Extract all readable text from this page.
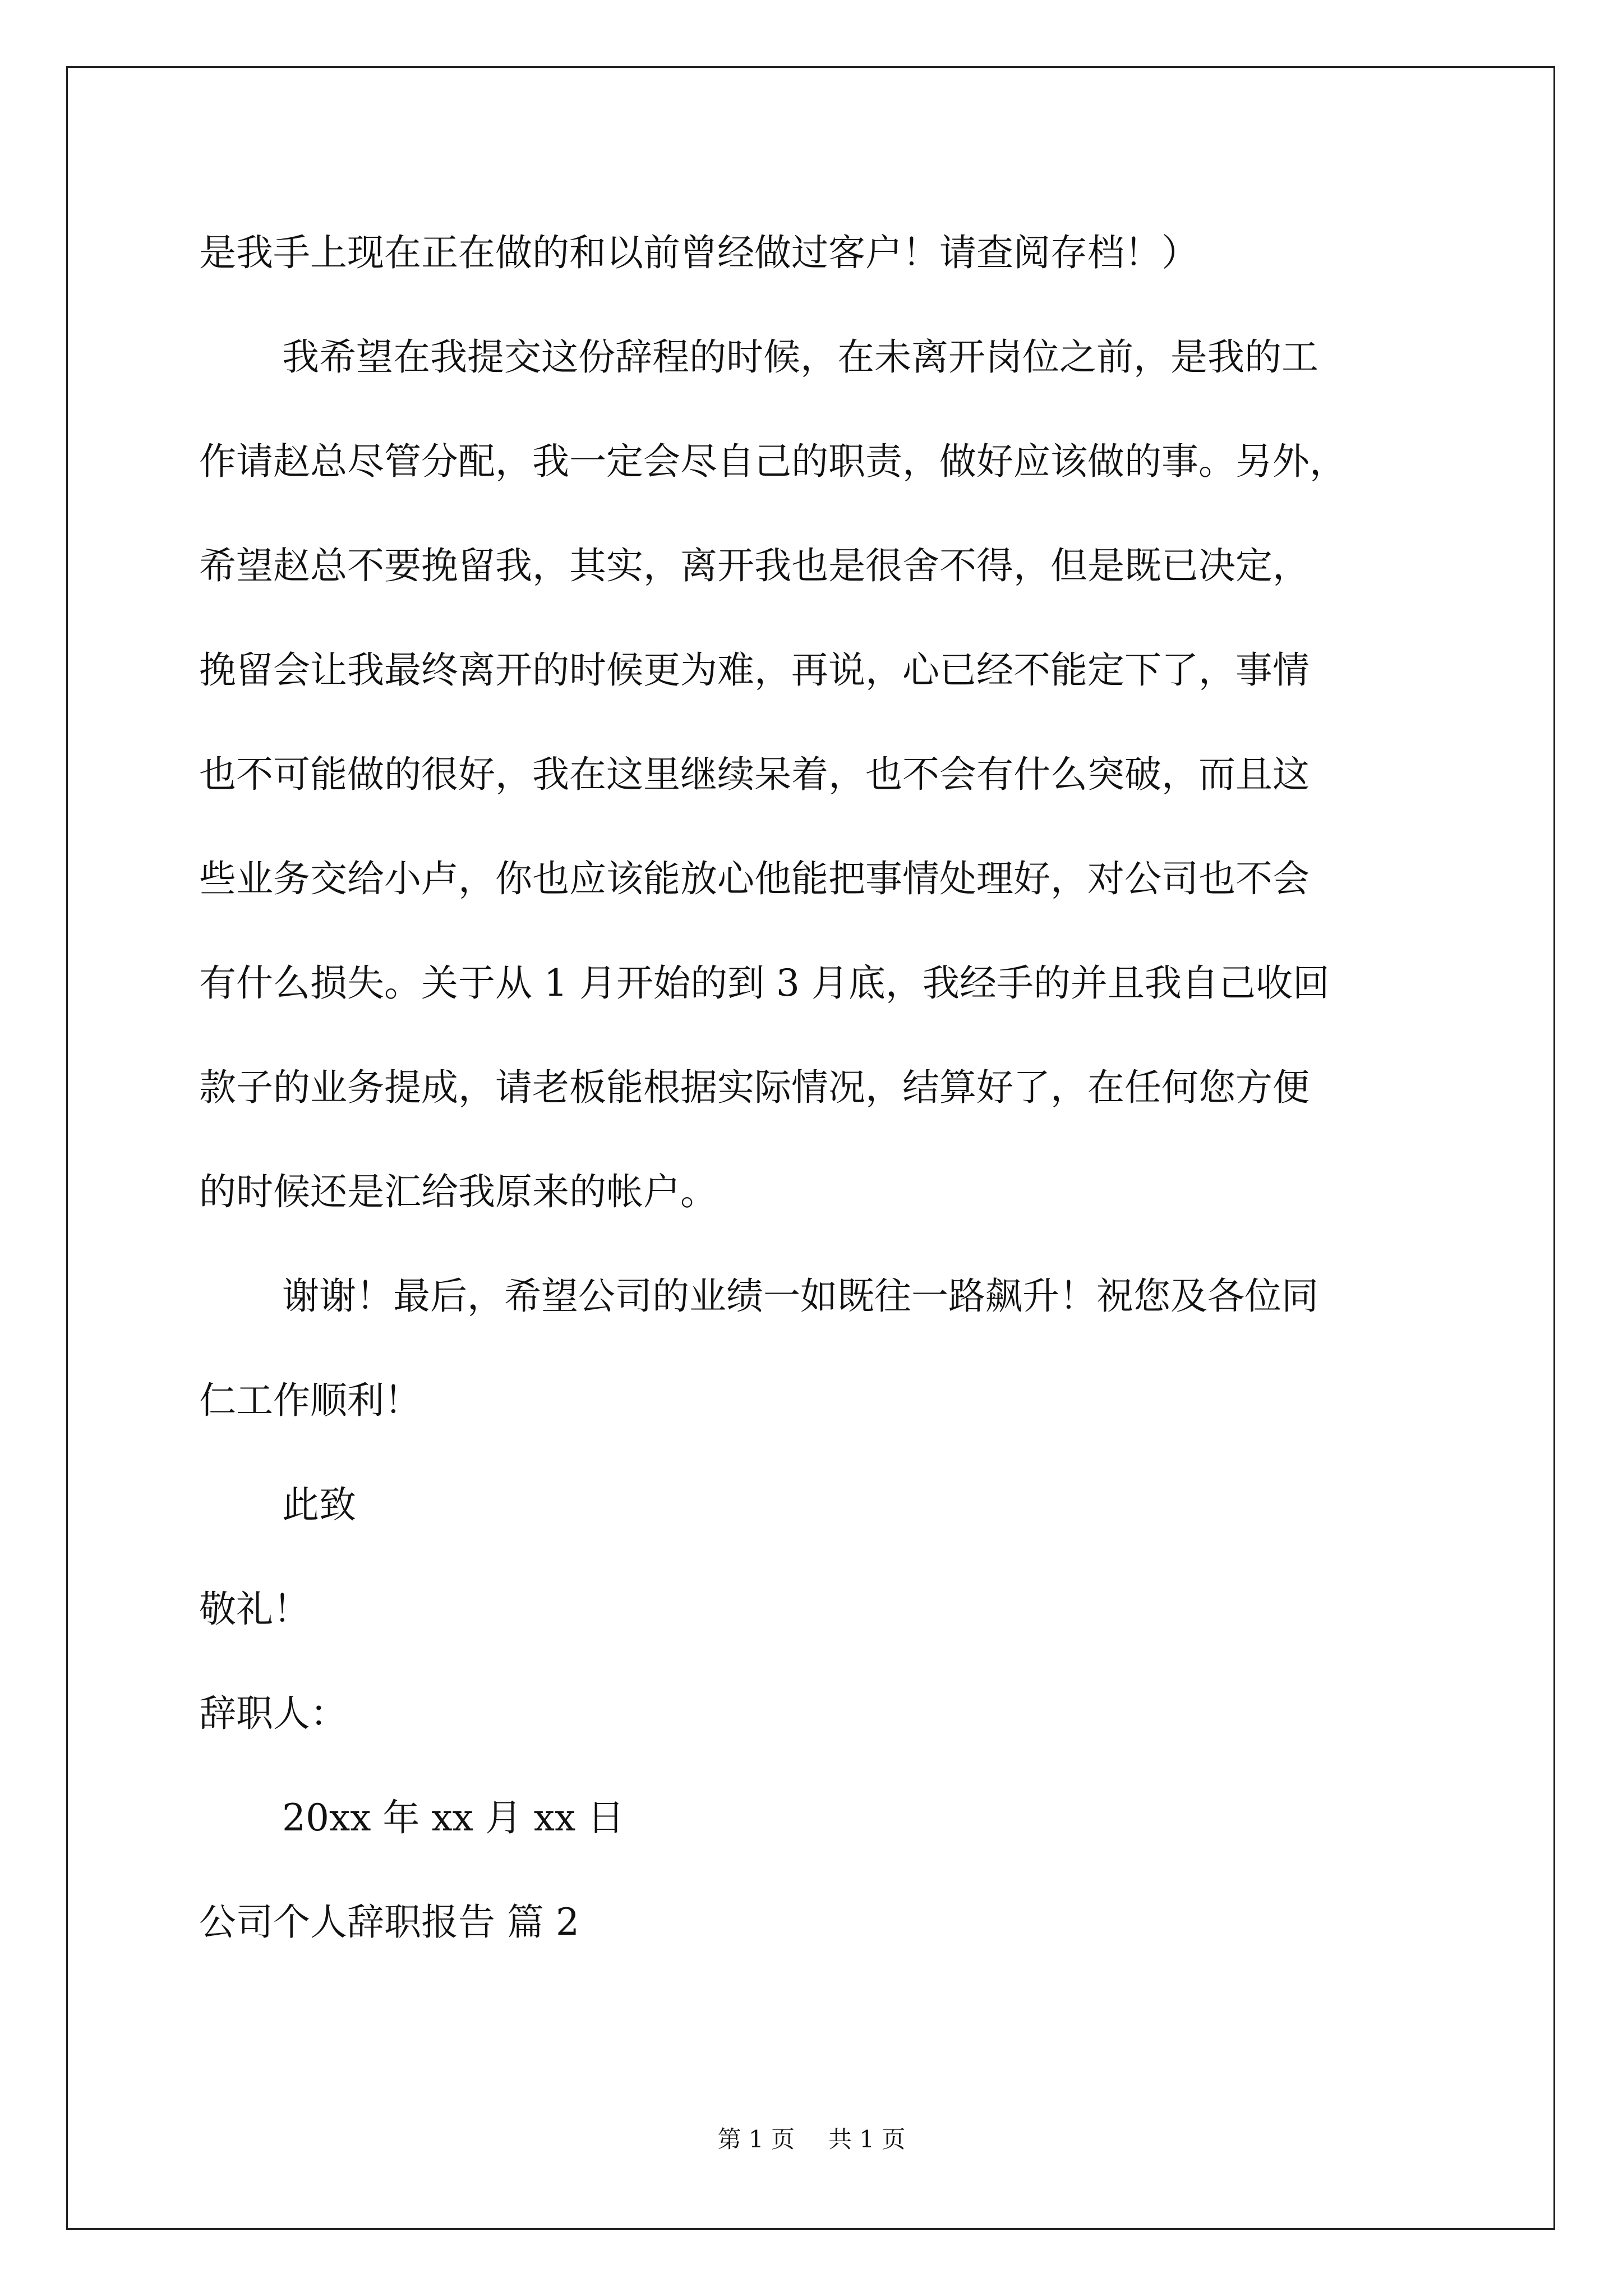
是我手上现在正在做的和以前曾经做过客户！请查阅存档！）
我希望在我提交这份辞程的时候，在未离开岗位之前，是我的工
作请赵总尽管分配，我一定会尽自己的职责，做好应该做的事。另外，
希望赵总不要挽留我，其实，离开我也是很舍不得，但是既已决定，
挽留会让我最终离开的时候更为难，再说，心已经不能定下了，事情
也不可能做的很好，我在这里继续呆着，也不会有什么突破，而且这
些业务交给小卢，你也应该能放心他能把事情处理好，对公司也不会
有什么损失。关于从 1 月开始的到 3 月底，我经手的并且我自己收回
款子的业务提成，请老板能根据实际情况，结算好了，在任何您方便
的时候还是汇给我原来的帐户。
谢谢！最后，希望公司的业绩一如既往一路飙升！祝您及各位同
仁工作顺利！
此致
敬礼！
辞职人：
20xx 年 xx 月 xx 日
公司个人辞职报告 篇 2
第 1 页 共 1 页
